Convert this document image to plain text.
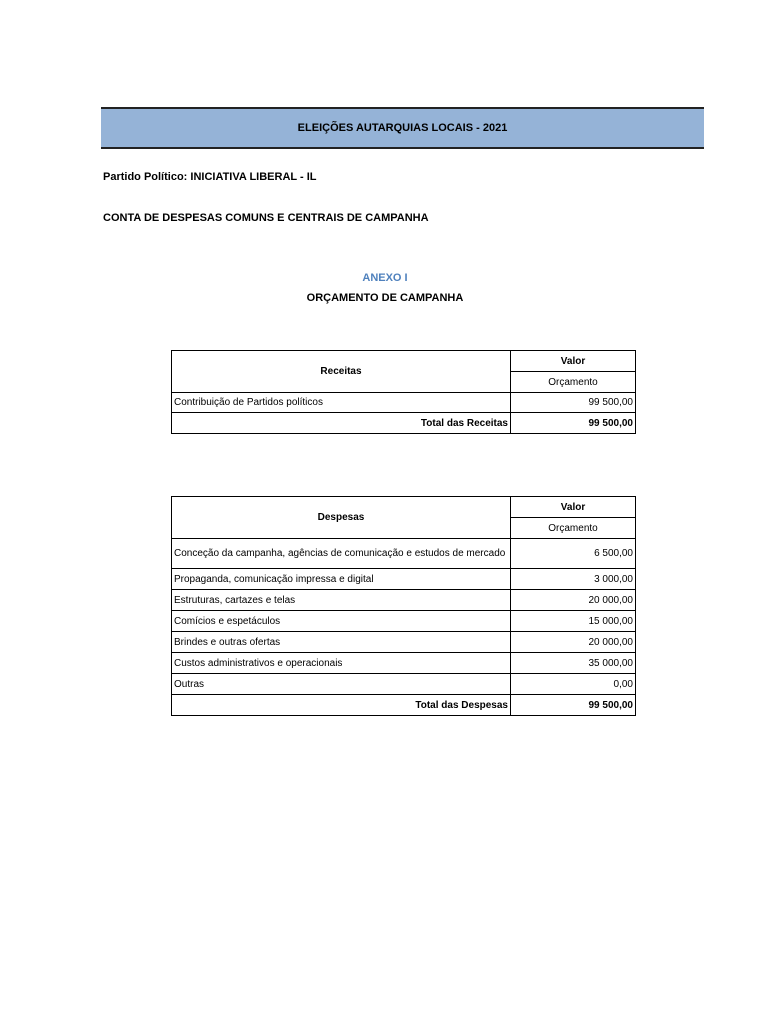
ELEIÇÕES AUTARQUIAS LOCAIS - 2021
Partido Político: INICIATIVA LIBERAL - IL
CONTA DE DESPESAS COMUNS E CENTRAIS DE CAMPANHA
ANEXO I
ORÇAMENTO DE CAMPANHA
Receitas	Valor
	Orçamento
Contribuição de Partidos políticos	99 500,00
Total das Receitas	99 500,00
Despesas	Valor
	Orçamento
Conceção da campanha, agências de comunicação e estudos de mercado	6 500,00
Propaganda, comunicação impressa e digital	3 000,00
Estruturas, cartazes e telas	20 000,00
Comícios e espetáculos	15 000,00
Brindes e outras ofertas	20 000,00
Custos administrativos e operacionais	35 000,00
Outras	0,00
Total das Despesas	99 500,00
